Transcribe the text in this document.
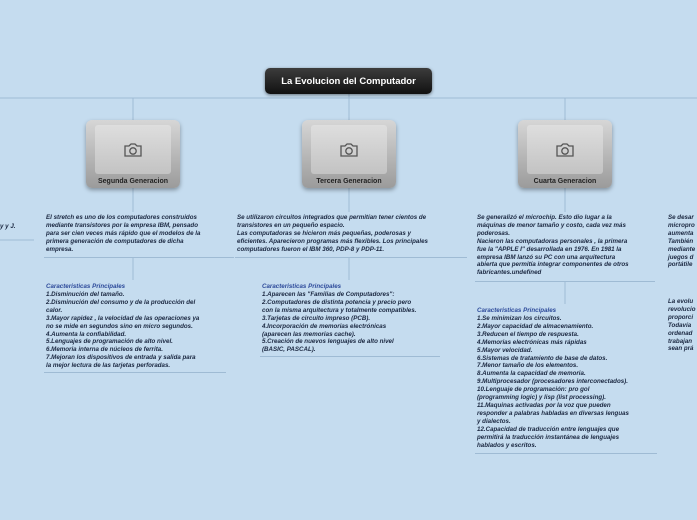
La Evolucion del Computador
y y J.
Segunda Generacion	Tercera Generacion	Cuarta Generacion
El stretch es uno de los computadores construidos
mediante transistores por la empresa IBM, pensado
para ser cien veces más rápido que el modelos de la
primera generación de computadores de dicha
empresa.
Caracteristicas Principales
1.Disminución del tamaño.
2.Disminución del consumo y de la producción del
calor.
3.Mayor rapidez , la velocidad de las operaciones ya
no se mide en segundos sino en micro segundos.
4.Aumenta la confiabilidad.
5.Lenguajes de programación de alto nivel.
6.Memoria interna de núcleos de ferrita.
7.Mejoran los dispositivos de entrada y salida para
la mejor lectura de las tarjetas perforadas.
Se utilizaron circuitos integrados que permitían tener cientos de
transistores en un pequeño espacio.
Las computadoras se hicieron más pequeñas, poderosas y
eficientes. Aparecieron programas más flexibles. Los principales
computadores fueron el IBM 360, PDP-8 y PDP-11.
Caracteristicas Principales
1.Aparecen las "Familias de Computadores":
2.Computadores de distinta potencia y precio pero
con la misma arquitectura y totalmente compatibles.
3.Tarjetas de circuito impreso (PCB).
4.Incorporación de memorias electrónicas
(aparecen las memorias cache).
5.Creación de nuevos lenguajes de alto nivel
(BASIC, PASCAL).
Se generalizó el microchip. Esto dio lugar a la
máquinas de menor tamaño y costo, cada vez más
poderosas.
Nacieron las computadoras personales , la primera
fue la "APPLE I" desarrollada en 1976. En 1981 la
empresa IBM lanzó su PC con una arquitectura
abierta que permitía integrar componentes de otros
fabricantes.undefined
Caracteristicas Principales
1.Se minimizan los circuitos.
2.Mayor capacidad de almacenamiento.
3.Reducen el tiempo de respuesta.
4.Memorias electrónicas más rápidas
5.Mayor velocidad.
6.Sistemas de tratamiento de base de datos.
7.Menor tamaño de los elementos.
8.Aumenta la capacidad de memoria.
9.Multiprocesador (procesadores interconectados).
10.Lenguaje de programación: pro gol
(programming logic) y lisp (list processing).
11.Maquinas activadas por la voz que pueden
responder a palabras habladas en diversas lenguas
y dialectos.
12.Capacidad de traducción entre lenguajes que
permitirá la traducción instantánea de lenguajes
hablados y escritos.
Se desar
micropro
aumenta
También
mediante
juegos d
portátile
La evolu
revolucio
proporci
Todavía
ordenad
trabajan
sean prá
